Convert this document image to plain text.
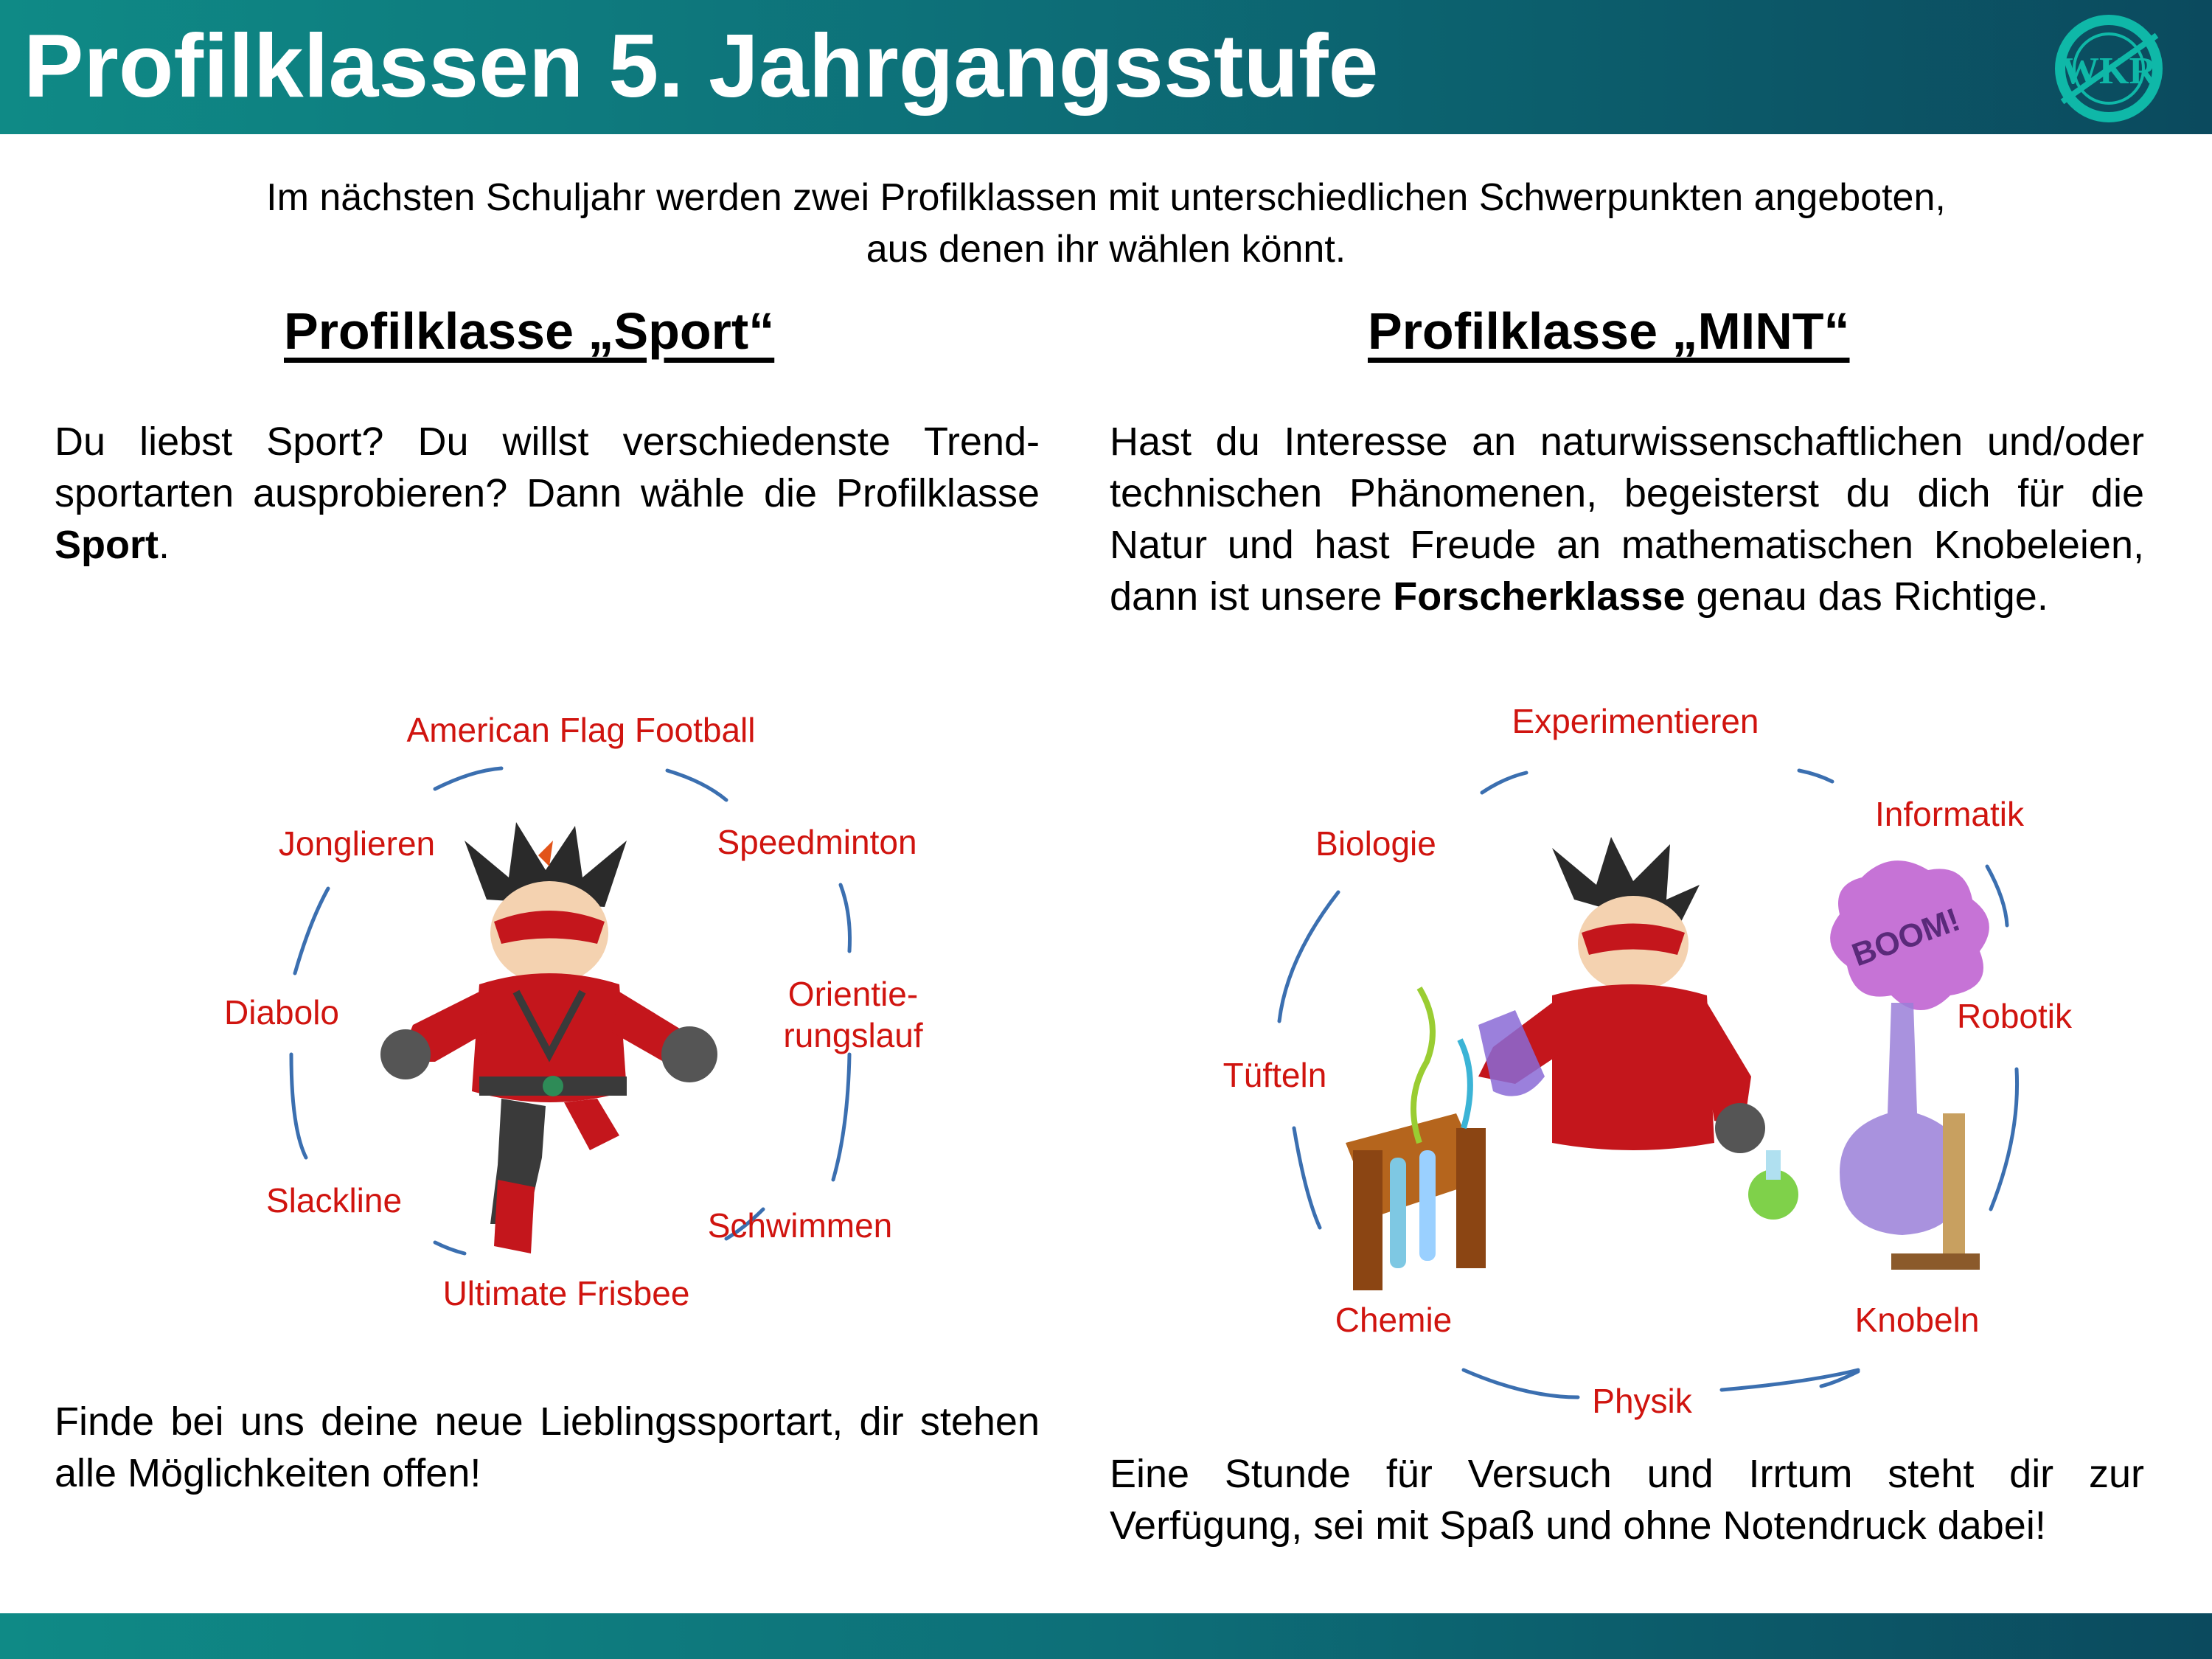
Profilklassen 5. Jahrgangsstufe	WKR
Im nächsten Schuljahr werden zwei Profilklassen mit unterschiedlichen Schwerpunkten angeboten,
aus denen ihr wählen könnt.
Profilklasse „Sport“	Profilklasse „MINT“
Du liebst Sport? Du willst verschiedenste Trend-sportarten ausprobieren? Dann wähle die Profilklasse Sport.
Hast du Interesse an naturwissenschaftlichen und/oder technischen Phänomenen, begeisterst du dich für die Natur und hast Freude an mathematischen Knobeleien, dann ist unsere Forscherklasse genau das Richtige.
American Flag Football
Speedminton
Orientie-
rungslauf
Schwimmen
Ultimate Frisbee
Slackline
Diabolo
Jonglieren
BOOM!
Experimentieren
Informatik
Robotik
Knobeln
Physik
Chemie
Tüfteln
Biologie
Finde bei uns deine neue Lieblingssportart, dir stehen alle Möglichkeiten offen!	Eine Stunde für Versuch und Irrtum steht dir zur Verfügung, sei mit Spaß und ohne Notendruck dabei!
